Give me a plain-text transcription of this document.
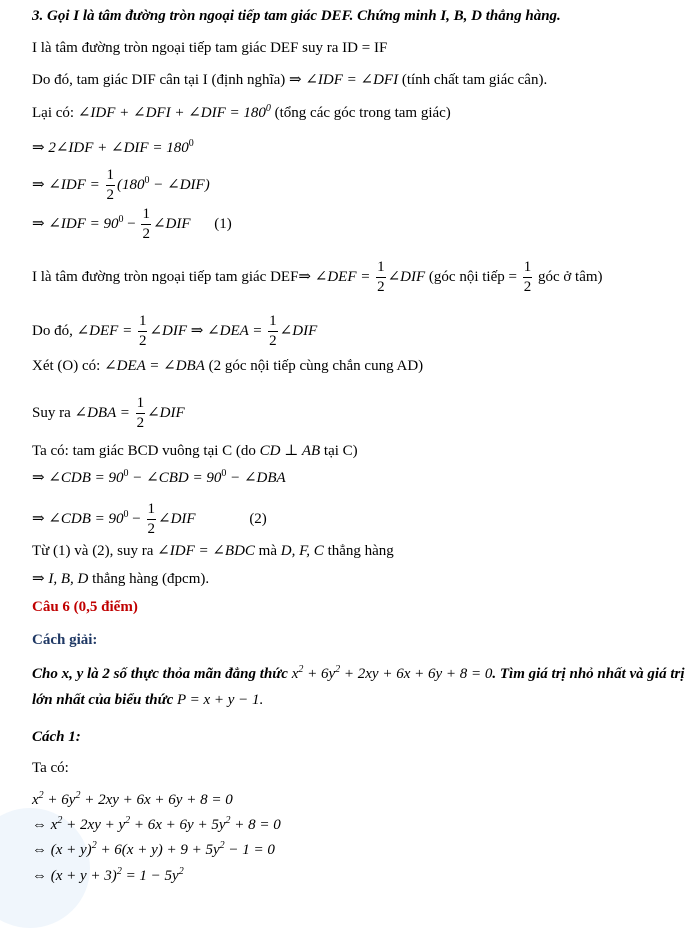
3. Gọi I là tâm đường tròn ngoại tiếp tam giác DEF. Chứng minh I, B, D thẳng hàng.
I là tâm đường tròn ngoại tiếp tam giác DEF suy ra ID = IF
Do đó, tam giác DIF cân tại I (định nghĩa) ⇒ ∠IDF = ∠DFI (tính chất tam giác cân).
Lại có: ∠IDF + ∠DFI + ∠DIF = $180^0$ (tổng các góc trong tam giác)
⇒ 2∠IDF + ∠DIF = $180^0$
⇒ ∠IDF = $\frac{1}{2} (180^0$ − ∠DIF)
⇒ ∠IDF = $90^0 - \frac{1}{2}$ ∠DIF (1)
I là tâm đường tròn ngoại tiếp tam giác DEF⇒ ∠DEF = $\frac{1}{2}$ ∠DIF (góc nội tiếp = $\frac{1}{2}$ góc ở tâm)
Do đó, ∠DEF = $\frac{1}{2}$ ∠DIF ⇒ ∠DEA = $\frac{1}{2}$ ∠DIF
Xét (O) có: ∠DEA = ∠DBA (2 góc nội tiếp cùng chắn cung AD)
Suy ra ∠DBA = $\frac{1}{2}$ ∠DIF
Ta có: tam giác BCD vuông tại C (do CD ⊥ AB tại C)
⇒ ∠CDB = $90^0$ − ∠CBD = $90^0$ − ∠DBA
⇒ ∠CDB = $90^0 - \frac{1}{2}$ ∠DIF	(2)
Từ (1) và (2), suy ra ∠IDF = ∠BDC mà D, F, C thẳng hàng
⇒ I, B, D thẳng hàng (đpcm).
Câu 6 (0,5 điểm)
Cách giải:
Cho x, y là 2 số thực thỏa mãn đẳng thức $x^2 + 6y^2 + 2xy + 6x + 6y + 8 = 0$. Tìm giá trị nhỏ nhất và giá trị
lớn nhất của biểu thức P = x + y − 1.
Cách 1:
Ta có:
$x^2 + 6y^2 + 2xy + 6x + 6y + 8 = 0$
⇔ $x^2 + 2xy + y^2 + 6x + 6y + 5y^2 + 8 = 0$
⇔ $(x + y)^2 + 6(x + y) + 9 + 5y^2 - 1 = 0$
⇔ $(x + y + 3)^2 = 1 - 5y^2$
